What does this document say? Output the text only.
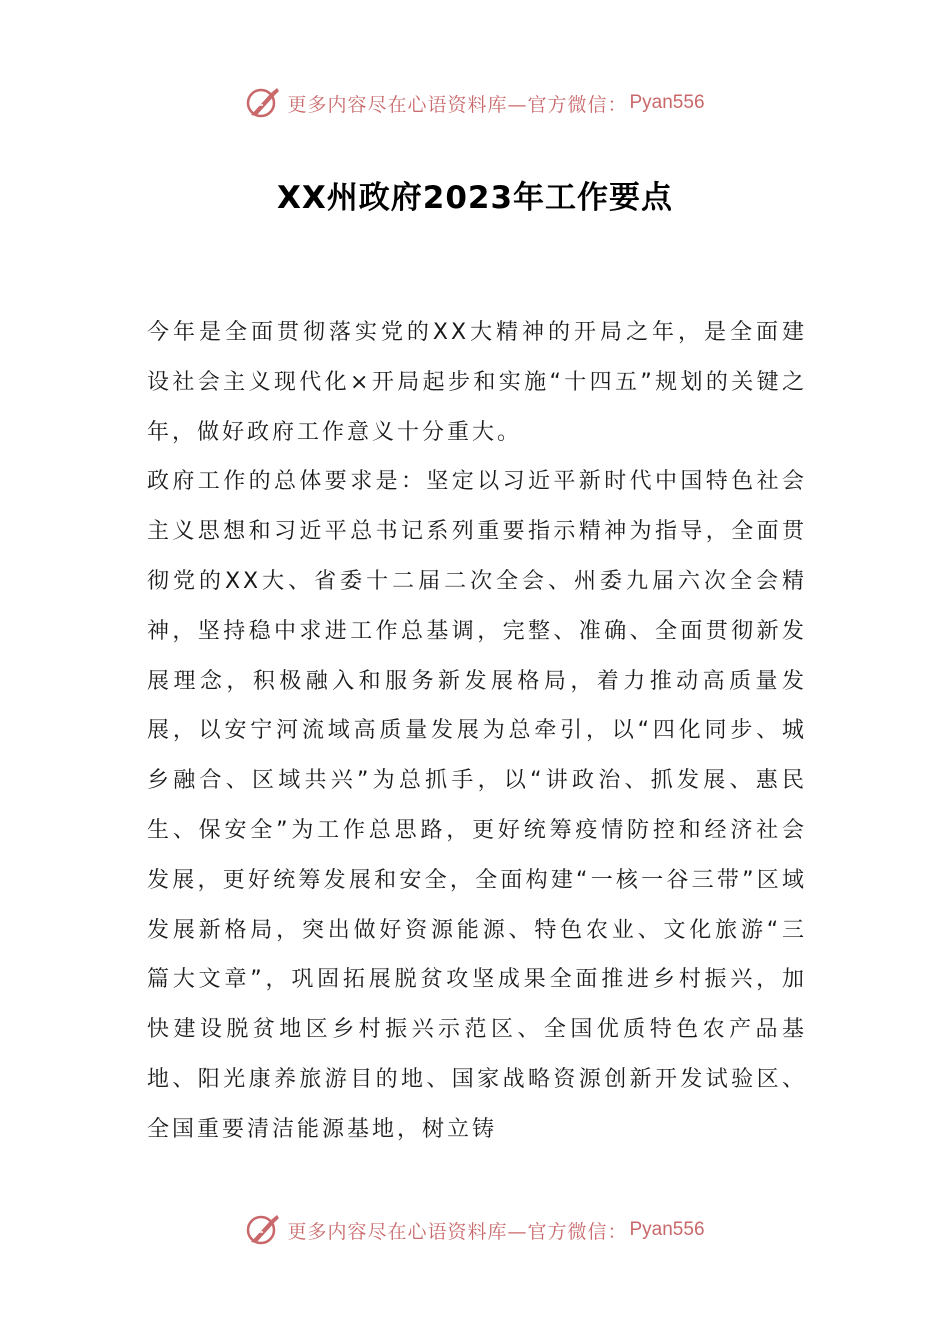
更多内容尽在心语资料库—官方微信： Pyan556
XX州政府2023年工作要点

今年是全面贯彻落实党的XX大精神的开局之年，是全面建设社会主义现代化×开局起步和实施“十四五”规划的关键之年，做好政府工作意义十分重大。

政府工作的总体要求是：坚定以习近平新时代中国特色社会主义思想和习近平总书记系列重要指示精神为指导，全面贯彻党的XX大、省委十二届二次全会、州委九届六次全会精神，坚持稳中求进工作总基调，完整、准确、全面贯彻新发展理念，积极融入和服务新发展格局，着力推动高质量发展，以安宁河流域高质量发展为总牵引，以“四化同步、城乡融合、区域共兴”为总抓手，以“讲政治、抓发展、惠民生、保安全”为工作总思路，更好统筹疫情防控和经济社会发展，更好统筹发展和安全，全面构建“一核一谷三带”区域发展新格局，突出做好资源能源、特色农业、文化旅游“三篇大文章”，巩固拓展脱贫攻坚成果全面推进乡村振兴，加快建设脱贫地区乡村振兴示范区、全国优质特色农产品基地、阳光康养旅游目的地、国家战略资源创新开发试验区、全国重要清洁能源基地，树立铸

更多内容尽在心语资料库—官方微信： Pyan556
